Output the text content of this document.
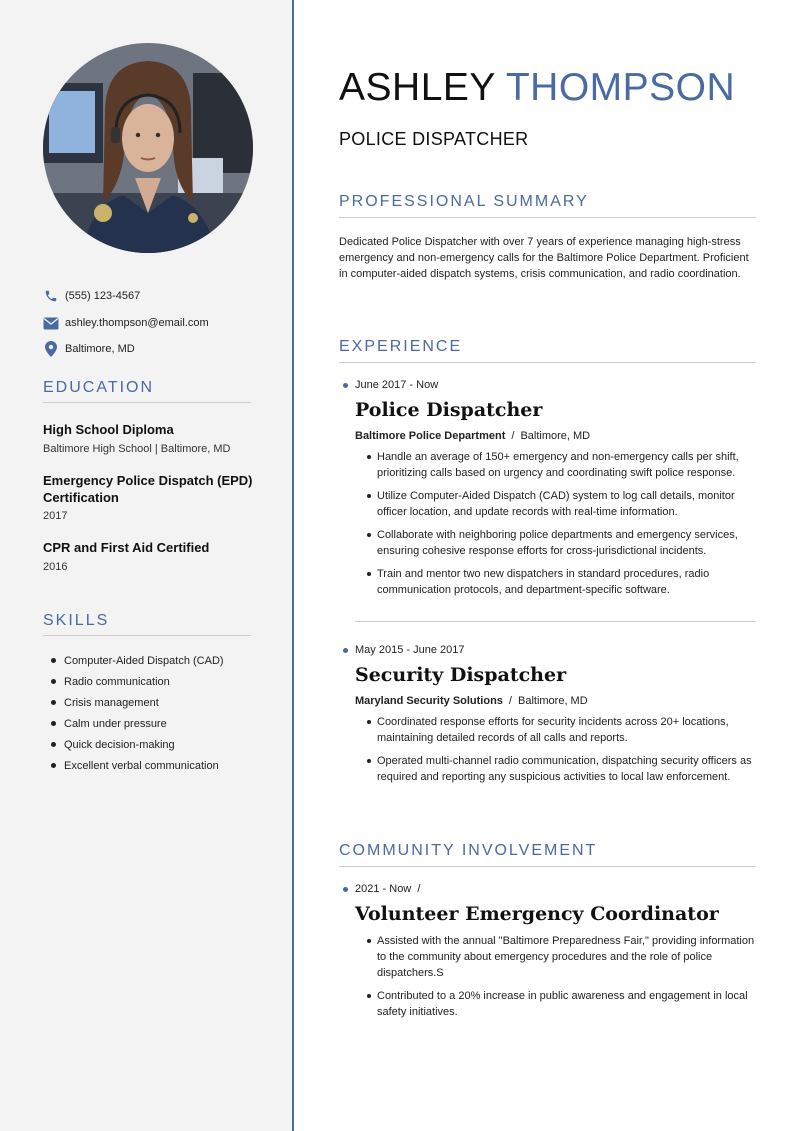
(555) 123-4567
ashley.thompson@email.com
Baltimore, MD
EDUCATION
High School Diploma
Baltimore High School | Baltimore, MD
Emergency Police Dispatch (EPD) Certification
2017
CPR and First Aid Certified
2016
SKILLS
Computer-Aided Dispatch (CAD)
Radio communication
Crisis management
Calm under pressure
Quick decision-making
Excellent verbal communication
ASHLEY THOMPSON
POLICE DISPATCHER
PROFESSIONAL SUMMARY
Dedicated Police Dispatcher with over 7 years of experience managing high-stress emergency and non-emergency calls for the Baltimore Police Department. Proficient in computer-aided dispatch systems, crisis communication, and radio coordination.
EXPERIENCE
June 2017 - Now
Police Dispatcher
Baltimore Police Department / Baltimore, MD
Handle an average of 150+ emergency and non-emergency calls per shift, prioritizing calls based on urgency and coordinating swift police response.
Utilize Computer-Aided Dispatch (CAD) system to log call details, monitor officer location, and update records with real-time information.
Collaborate with neighboring police departments and emergency services, ensuring cohesive response efforts for cross-jurisdictional incidents.
Train and mentor two new dispatchers in standard procedures, radio communication protocols, and department-specific software.
May 2015 - June 2017
Security Dispatcher
Maryland Security Solutions / Baltimore, MD
Coordinated response efforts for security incidents across 20+ locations, maintaining detailed records of all calls and reports.
Operated multi-channel radio communication, dispatching security officers as required and reporting any suspicious activities to local law enforcement.
COMMUNITY INVOLVEMENT
2021 - Now  /
Volunteer Emergency Coordinator
Assisted with the annual "Baltimore Preparedness Fair," providing information to the community about emergency procedures and the role of police dispatchers.S
Contributed to a 20% increase in public awareness and engagement in local safety initiatives.
